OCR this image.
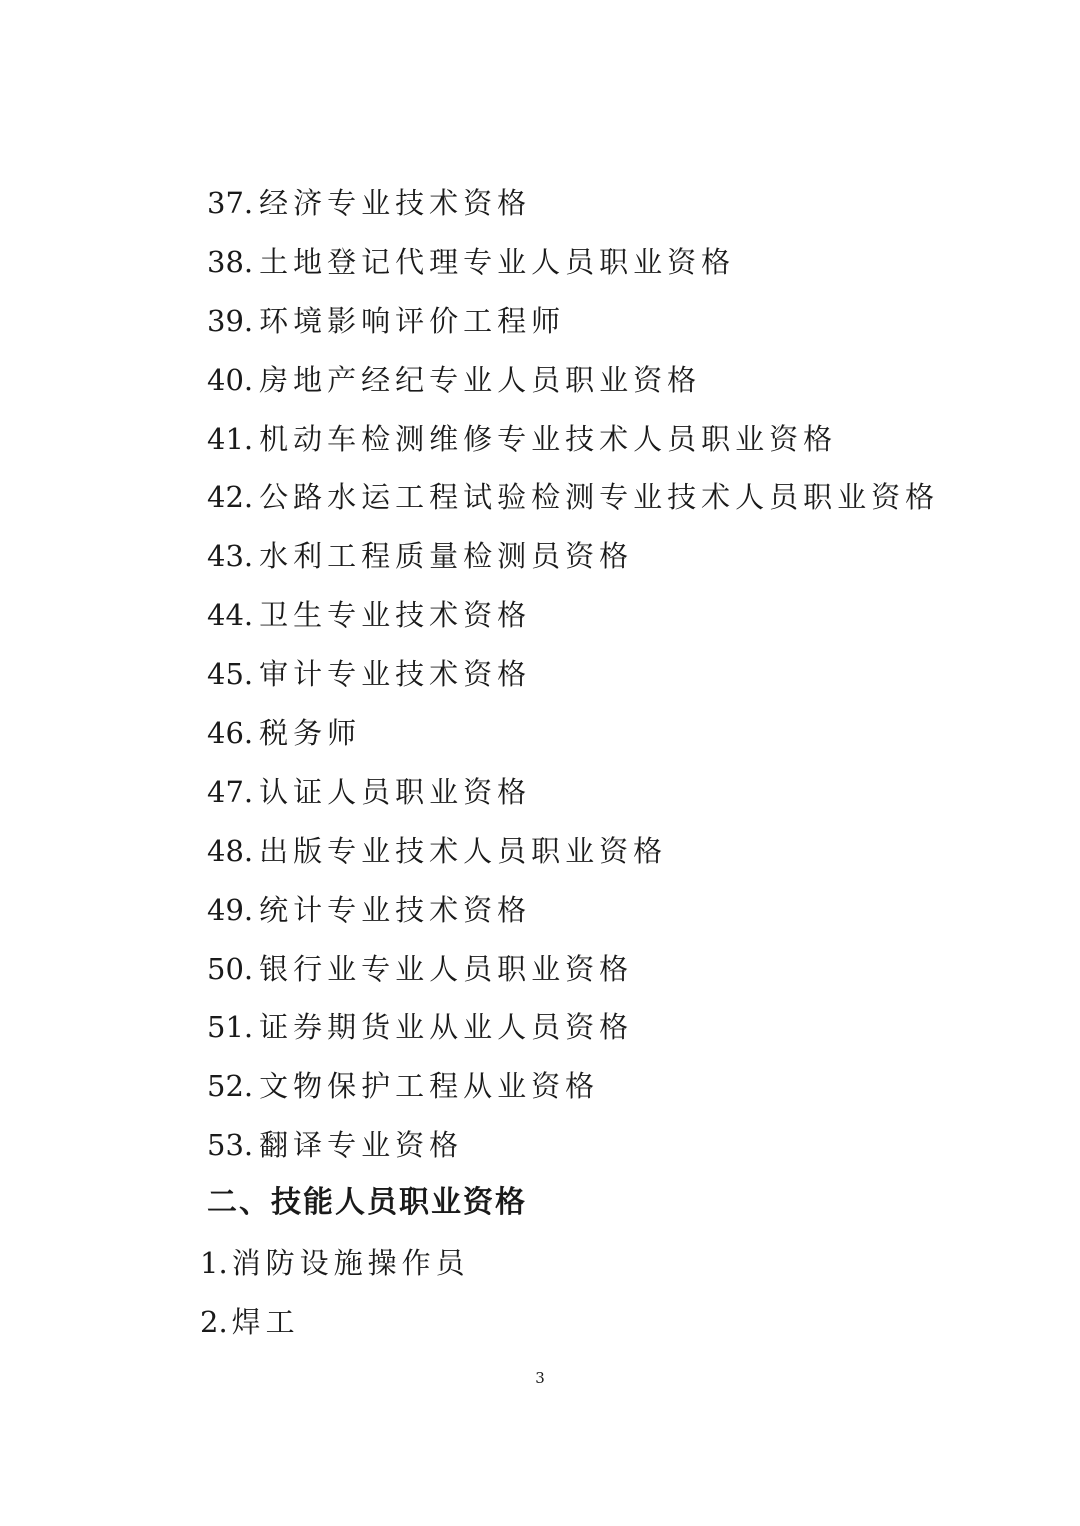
37. 经济专业技术资格
38. 土地登记代理专业人员职业资格
39. 环境影响评价工程师
40. 房地产经纪专业人员职业资格
41. 机动车检测维修专业技术人员职业资格
42. 公路水运工程试验检测专业技术人员职业资格
43. 水利工程质量检测员资格
44. 卫生专业技术资格
45. 审计专业技术资格
46. 税务师
47. 认证人员职业资格
48. 出版专业技术人员职业资格
49. 统计专业技术资格
50. 银行业专业人员职业资格
51. 证券期货业从业人员资格
52. 文物保护工程从业资格
53. 翻译专业资格
二、技能人员职业资格
1. 消防设施操作员
2. 焊工
3
